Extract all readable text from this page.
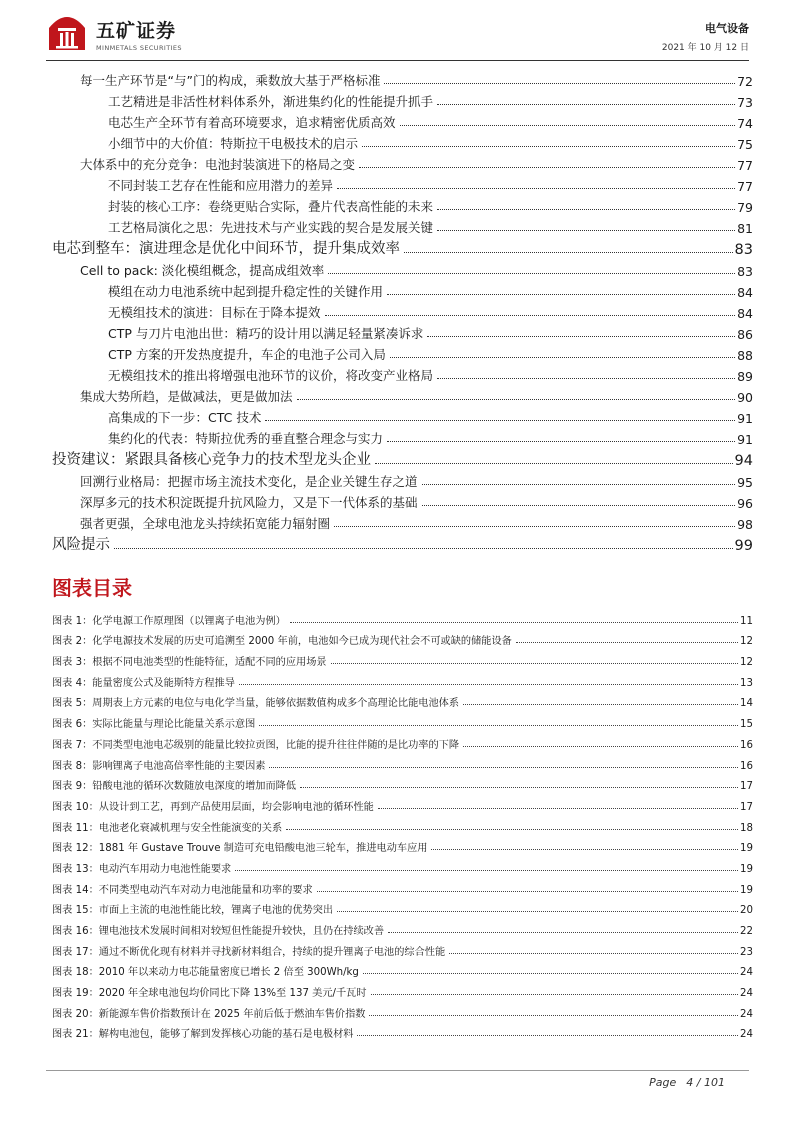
五矿证券
MINMETALS SECURITIES
电气设备
2021 年 10 月 12 日
每一生产环节是“与”门的构成，乘数放大基于严格标准	72
工艺精进是非活性材料体系外，渐进集约化的性能提升抓手	73
电芯生产全环节有着高环境要求，追求精密优质高效	74
小细节中的大价值：特斯拉干电极技术的启示	75
大体系中的充分竞争：电池封装演进下的格局之变	77
不同封装工艺存在性能和应用潜力的差异	77
封装的核心工序：卷绕更贴合实际，叠片代表高性能的未来	79
工艺格局演化之思：先进技术与产业实践的契合是发展关键	81
电芯到整车：演进理念是优化中间环节，提升集成效率	83
Cell to pack: 淡化模组概念，提高成组效率	83
模组在动力电池系统中起到提升稳定性的关键作用	84
无模组技术的演进：目标在于降本提效	84
CTP 与刀片电池出世：精巧的设计用以满足轻量紧凑诉求	86
CTP 方案的开发热度提升，车企的电池子公司入局	88
无模组技术的推出将增强电池环节的议价，将改变产业格局	89
集成大势所趋，是做减法，更是做加法	90
高集成的下一步：CTC 技术	91
集约化的代表：特斯拉优秀的垂直整合理念与实力	91
投资建议：紧跟具备核心竞争力的技术型龙头企业	94
回溯行业格局：把握市场主流技术变化，是企业关键生存之道	95
深厚多元的技术积淀既提升抗风险力，又是下一代体系的基础	96
强者更强，全球电池龙头持续拓宽能力辐射圈	98
风险提示	99
图表目录
图表 1：化学电源工作原理图（以锂离子电池为例）	11
图表 2：化学电源技术发展的历史可追溯至 2000 年前，电池如今已成为现代社会不可或缺的储能设备	12
图表 3：根据不同电池类型的性能特征，适配不同的应用场景	12
图表 4：能量密度公式及能斯特方程推导	13
图表 5：周期表上方元素的电位与电化学当量，能够依据数值构成多个高理论比能电池体系	14
图表 6：实际比能量与理论比能量关系示意图	15
图表 7：不同类型电池电芯级别的能量比较拉贡图，比能的提升往往伴随的是比功率的下降	16
图表 8：影响锂离子电池高倍率性能的主要因素	16
图表 9：铅酸电池的循环次数随放电深度的增加而降低	17
图表 10：从设计到工艺，再到产品使用层面，均会影响电池的循环性能	17
图表 11：电池老化衰减机理与安全性能演变的关系	18
图表 12：1881 年 Gustave Trouve 制造可充电铅酸电池三轮车，推进电动车应用	19
图表 13：电动汽车用动力电池性能要求	19
图表 14：不同类型电动汽车对动力电池能量和功率的要求	19
图表 15：市面上主流的电池性能比较，锂离子电池的优势突出	20
图表 16：锂电池技术发展时间相对较短但性能提升较快，且仍在持续改善	22
图表 17：通过不断优化现有材料并寻找新材料组合，持续的提升锂离子电池的综合性能	23
图表 18：2010 年以来动力电芯能量密度已增长 2 倍至 300Wh/kg	24
图表 19：2020 年全球电池包均价同比下降 13%至 137 美元/千瓦时	24
图表 20：新能源车售价指数预计在 2025 年前后低于燃油车售价指数	24
图表 21：解构电池包，能够了解到发挥核心功能的基石是电极材料	24
Page 4 / 101
